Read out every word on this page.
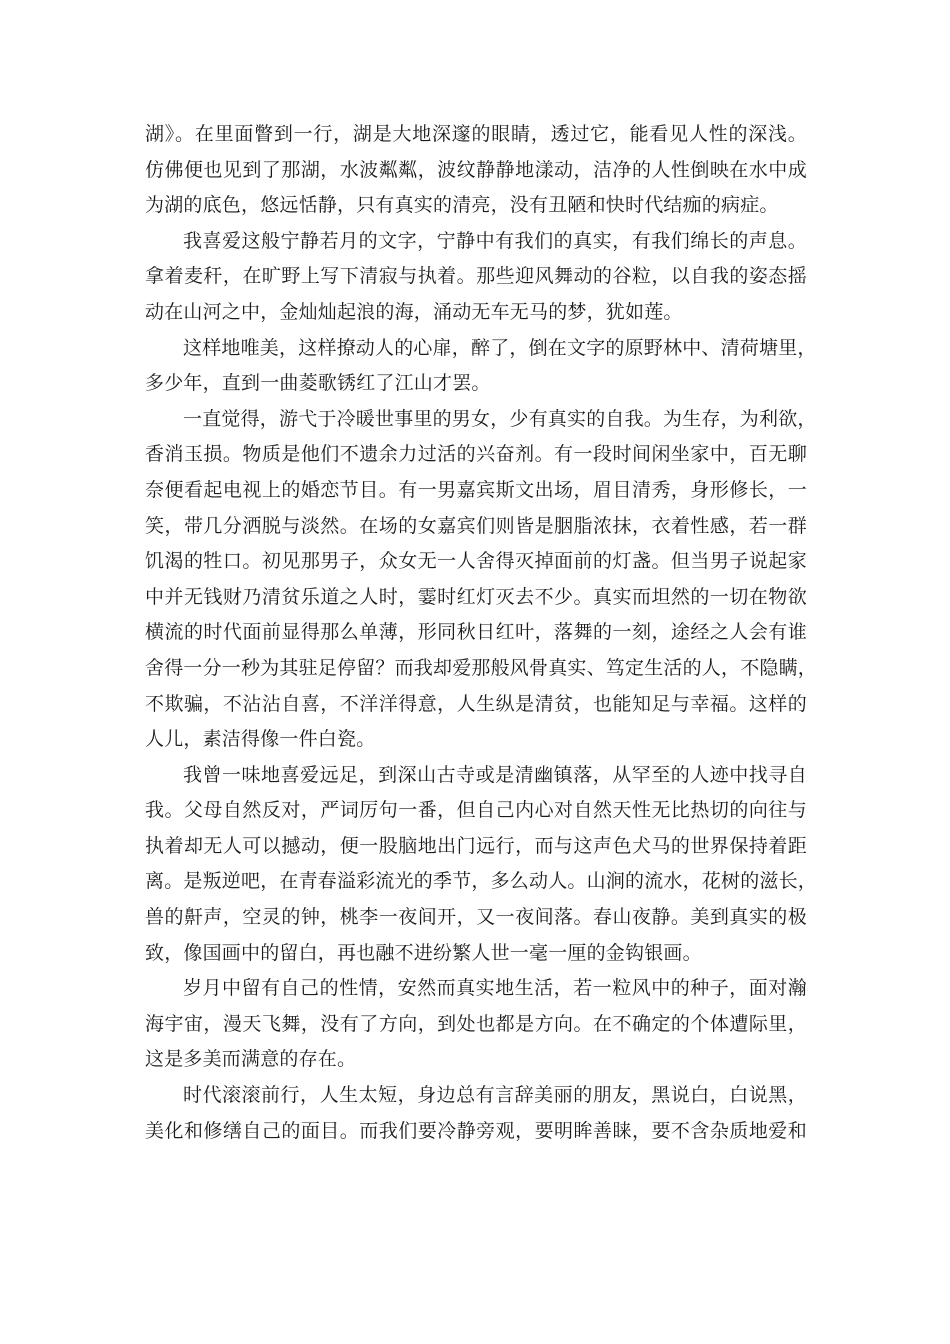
湖》。在里面瞥到一行，湖是大地深邃的眼睛，透过它，能看见人性的深浅。
仿佛便也见到了那湖，水波粼粼，波纹静静地漾动，洁净的人性倒映在水中成
为湖的底色，悠远恬静，只有真实的清亮，没有丑陋和快时代结痂的病症。
我喜爱这般宁静若月的文字，宁静中有我们的真实，有我们绵长的声息。
拿着麦秆，在旷野上写下清寂与执着。那些迎风舞动的谷粒，以自我的姿态摇
动在山河之中，金灿灿起浪的海，涌动无车无马的梦，犹如莲。
这样地唯美，这样撩动人的心扉，醉了，倒在文字的原野林中、清荷塘里，
多少年，直到一曲菱歌锈红了江山才罢。
一直觉得，游弋于冷暖世事里的男女，少有真实的自我。为生存，为利欲，
香消玉损。物质是他们不遗余力过活的兴奋剂。有一段时间闲坐家中，百无聊
奈便看起电视上的婚恋节目。有一男嘉宾斯文出场，眉目清秀，身形修长，一
笑，带几分洒脱与淡然。在场的女嘉宾们则皆是胭脂浓抹，衣着性感，若一群
饥渴的牲口。初见那男子，众女无一人舍得灭掉面前的灯盏。但当男子说起家
中并无钱财乃清贫乐道之人时，霎时红灯灭去不少。真实而坦然的一切在物欲
横流的时代面前显得那么单薄，形同秋日红叶，落舞的一刻，途经之人会有谁
舍得一分一秒为其驻足停留？而我却爱那般风骨真实、笃定生活的人，不隐瞒，
不欺骗，不沾沾自喜，不洋洋得意，人生纵是清贫，也能知足与幸福。这样的
人儿，素洁得像一件白瓷。
我曾一味地喜爱远足，到深山古寺或是清幽镇落，从罕至的人迹中找寻自
我。父母自然反对，严词厉句一番，但自己内心对自然天性无比热切的向往与
执着却无人可以撼动，便一股脑地出门远行，而与这声色犬马的世界保持着距
离。是叛逆吧，在青春溢彩流光的季节，多么动人。山涧的流水，花树的滋长，
兽的鼾声，空灵的钟，桃李一夜间开，又一夜间落。春山夜静。美到真实的极
致，像国画中的留白，再也融不进纷繁人世一毫一厘的金钩银画。
岁月中留有自己的性情，安然而真实地生活，若一粒风中的种子，面对瀚
海宇宙，漫天飞舞，没有了方向，到处也都是方向。在不确定的个体遭际里，
这是多美而满意的存在。
时代滚滚前行，人生太短，身边总有言辞美丽的朋友，黑说白，白说黑，
美化和修缮自己的面目。而我们要冷静旁观，要明眸善睐，要不含杂质地爱和
